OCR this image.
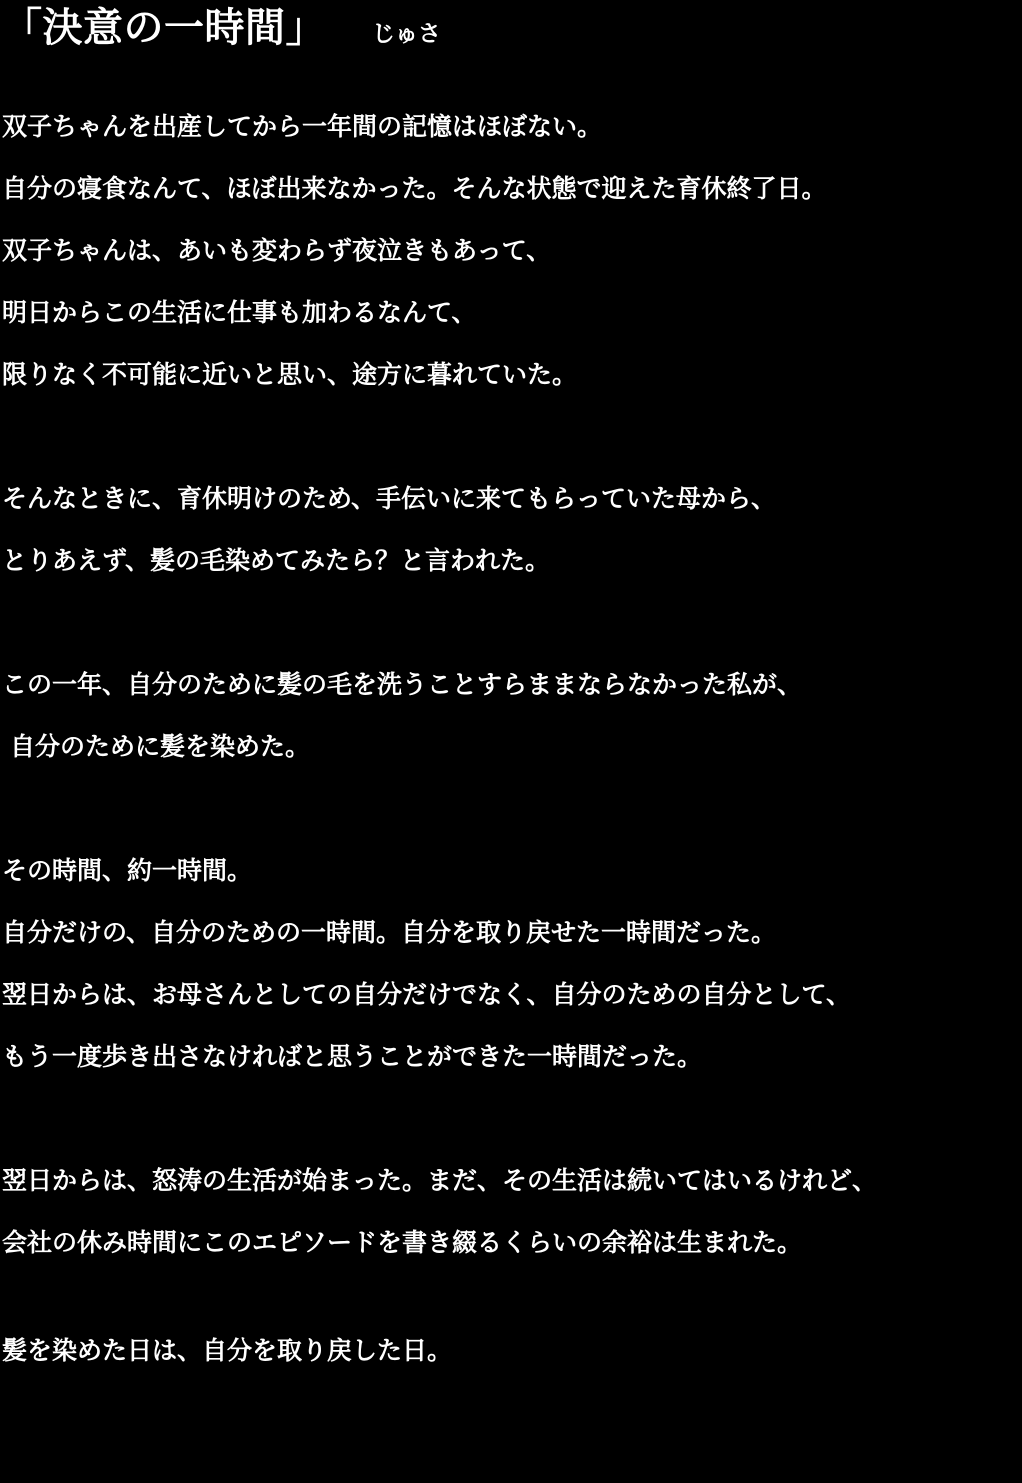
「決意の一時間」 じゅさ
双子ちゃんを出産してから一年間の記憶はほぼない。
自分の寝食なんて、ほぼ出来なかった。そんな状態で迎えた育休終了日。
双子ちゃんは、あいも変わらず夜泣きもあって、
明日からこの生活に仕事も加わるなんて、
限りなく不可能に近いと思い、途方に暮れていた。
そんなときに、育休明けのため、手伝いに来てもらっていた母から、
とりあえず、髪の毛染めてみたら？と言われた。
この一年、自分のために髪の毛を洗うことすらままならなかった私が、
自分のために髪を染めた。
その時間、約一時間。
自分だけの、自分のための一時間。自分を取り戻せた一時間だった。
翌日からは、お母さんとしての自分だけでなく、自分のための自分として、
もう一度歩き出さなければと思うことができた一時間だった。
翌日からは、怒涛の生活が始まった。まだ、その生活は続いてはいるけれど、
会社の休み時間にこのエピソードを書き綴るくらいの余裕は生まれた。
髪を染めた日は、自分を取り戻した日。
